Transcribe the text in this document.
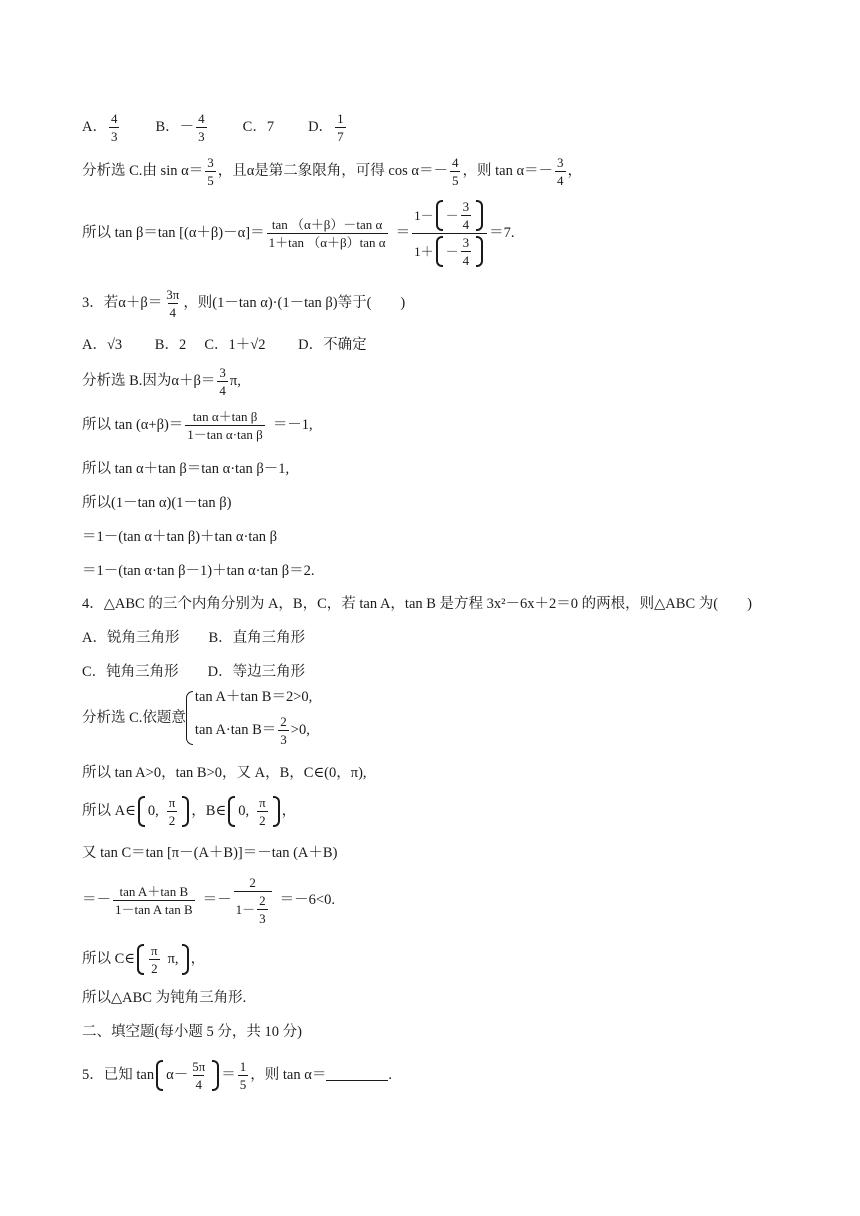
A． $\frac{4}{3}$ B．－ $\frac{4}{3}$ C．7 D． $\frac{1}{7}$
分析选 C.由 $\sin \alpha= \frac{3}{5}$ ，且α是第二象限角，可得 $\cos \alpha=- \frac{4}{5}$ ，则 $\tan \alpha=- \frac{3}{4}$ ，
所以 tan β＝tan $[(\alpha+\beta)-\alpha]= \frac{\text{tan （α＋β）－tan α}}{\text{1＋tan （α＋β）tan α}} = \frac{1- - \frac{3}{4}}{1+ - \frac{3}{4}} =7$.
3．若$\alpha+\beta= \frac{3\pi}{4}$ ，则(1－tan α)·(1－tan β)等于(　　)
A．√3　　 B．2　 C．1＋√2　　 D．不确定
分析选 B.因为$\alpha+\beta= \frac{3}{4} \pi$,
所以 $\tan (\alpha+\beta)= \frac{\text{tan α＋tan β}}{\text{1－tan α·tan β}} =-1$,
所以 tan α＋tan β＝tan α·tan β－1,
所以(1－tan α)(1－tan β)
＝1－(tan α＋tan β)＋tan α·tan β
＝1－(tan α·tan β－1)＋tan α·tan β＝2.
4．△ABC 的三个内角分别为 A，B，C，若 tan A，tan B 是方程 3x²－6x＋2＝0 的两根，则△ABC 为(　　)
A．锐角三角形　　B．直角三角形
C．钝角三角形　　D．等边三角形
分析选 C.依题意
tan A＋tan B＝2>0,
tan A·tan $B= \frac{2}{3} >0$,
所以 tan A>0，tan B>0，又 A，B，C∈(0，π),
所以 A∈ 0, $\frac{\pi}{2}$ ，B∈ 0, $\frac{\pi}{2}$ ，
又 tan C＝tan [π－(A＋B)]＝－tan (A＋B)
＝－ $\frac{\text{tan A＋tan B}}{\text{1－tan A tan B}} =- \frac{2}{1- \frac{2}{3}} =-6<0$.
所以 C∈ $\frac{\pi}{2} \pi$, ，
所以△ABC 为钝角三角形.
二、填空题(每小题 5 分，共 10 分)
5．已知 $\tan \alpha- \frac{5\pi}{4} = \frac{1}{5}$ ，则 tan α＝	.
